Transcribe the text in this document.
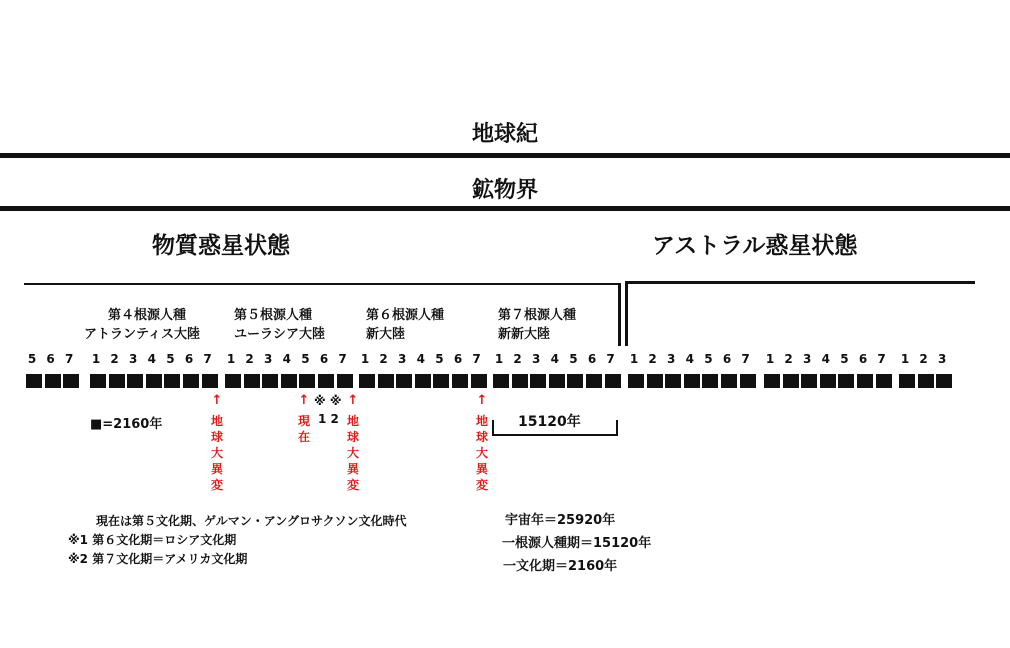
地球紀
鉱物界
物質惑星状態	アストラル惑星状態
第４根源人種
アトランティス大陸
第５根源人種
ユーラシア大陸
第６根源人種
新大陸
第７根源人種
新新大陸
5 6 7 1 2 3 4 5 6 7 1 2 3 4 5 6 7 1 2 3 4 5 6 7 1 2 3 4 5 6 7 1 2 3 4 5 6 7 1 2 3 4 5 6 7 1 2 3
■=2160年
↑
地
球
大
異
変
↑
現
在
※ ※
1 2
↑
地
球
大
異
変
↑
地
球
大
異
変
15120年
現在は第５文化期、ゲルマン・アングロサクソン文化時代
※1 第６文化期＝ロシア文化期
※2 第７文化期＝アメリカ文化期
宇宙年＝25920年
一根源人種期＝15120年
一文化期＝2160年
